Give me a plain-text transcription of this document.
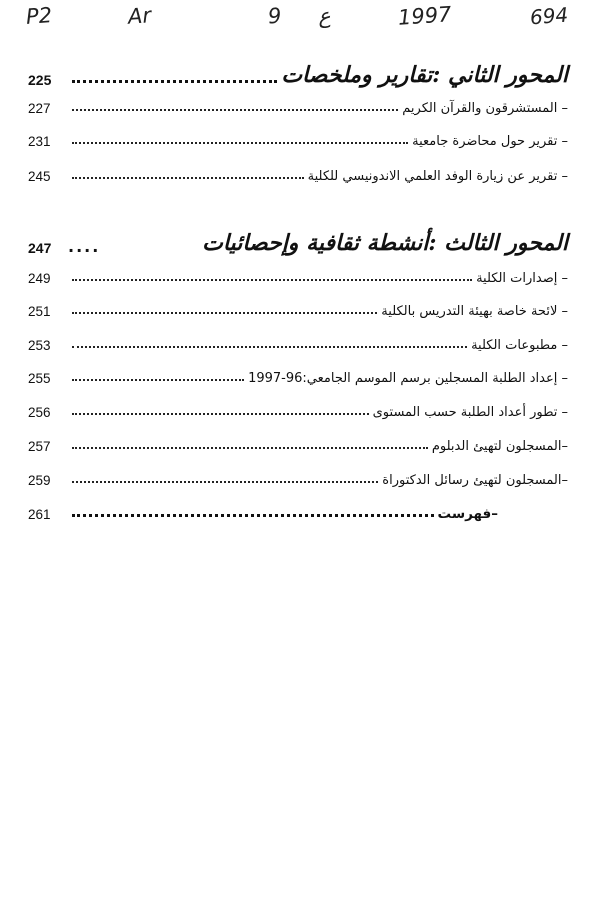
P2	Ar	9 ع	1997	694
225	المحور الثاني :تقارير وملخصات
227	– المستشرقون والقرآن الكريم
231	– تقرير حول محاضرة جامعية
245	– تقرير عن زيارة الوفد العلمي الاندونيسي للكلية
247	....	المحور الثالث :أنشطة ثقافية وإحصائيات
249	– إصدارات الكلية
251	– لائحة خاصة بهيئة التدريس بالكلية
253	– مطبوعات الكلية
255	– إعداد الطلبة المسجلين برسم الموسم الجامعي:96-1997
256	– تطور أعداد الطلبة حسب المستوى
257	–المسجلون لتهيئ الدبلوم
259	–المسجلون لتهيئ رسائل الدكتوراة
261	–فهرست
